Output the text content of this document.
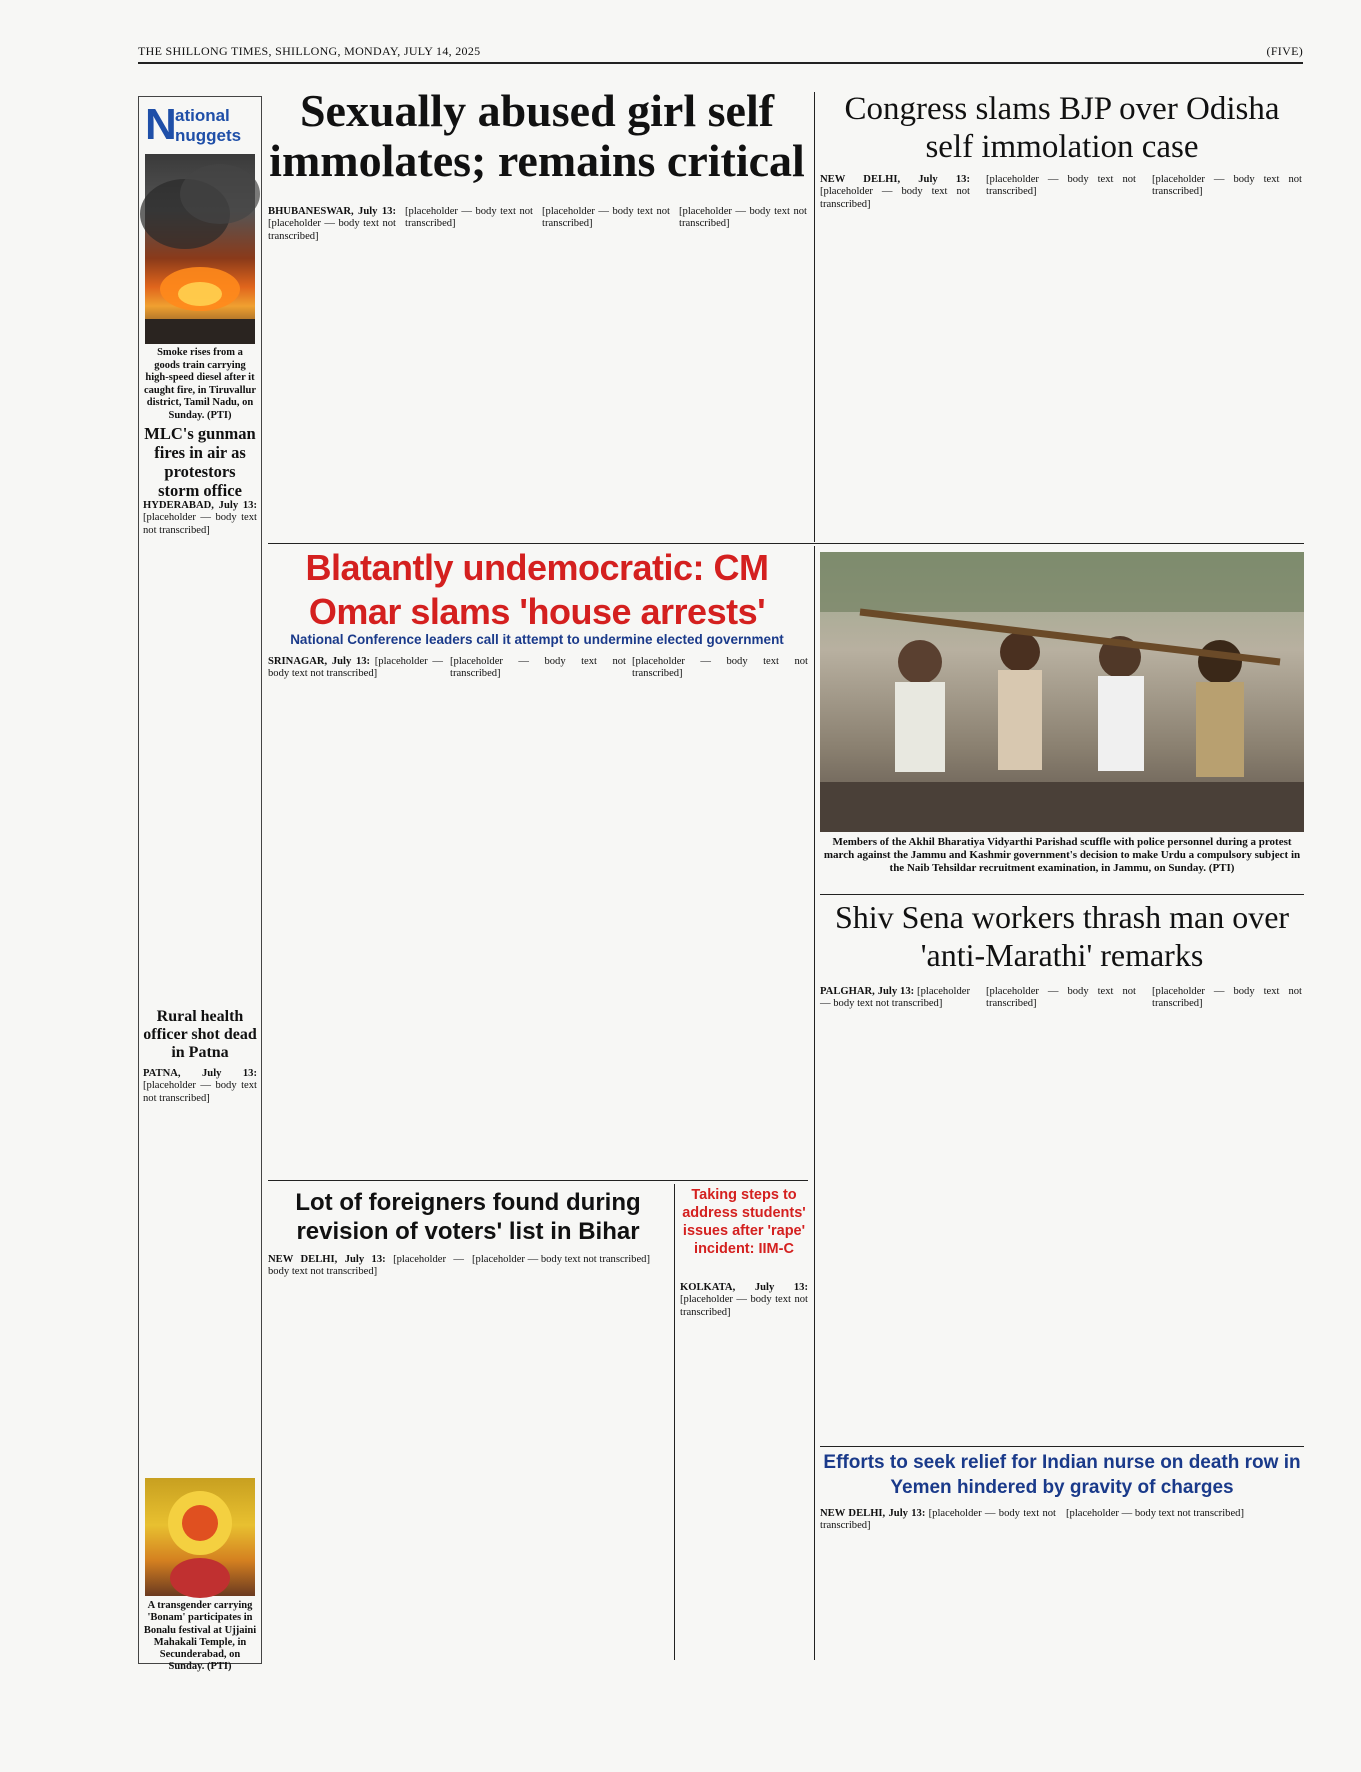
THE SHILLONG TIMES, SHILLONG, MONDAY, JULY 14, 2025	(FIVE)
N
ational
nuggets
Smoke rises from a goods train carrying high-speed diesel after it caught fire, in Tiruvallur district, Tamil Nadu, on Sunday. (PTI)
MLC's gunman fires in air as protestors storm office

HYDERABAD, July 13: [placeholder — body text not transcribed]

Rural health officer shot dead in Patna

PATNA, July 13: [placeholder — body text not transcribed]

A transgender carrying 'Bonam' participates in Bonalu festival at Ujjaini Mahakali Temple, in Secunderabad, on Sunday. (PTI)
Sexually abused girl self immolates; remains critical

BHUBANESWAR, July 13: [placeholder — body text not transcribed]

[placeholder — body text not transcribed]
[placeholder — body text not transcribed]
[placeholder — body text not transcribed]
Congress slams BJP over Odisha self immolation case

NEW DELHI, July 13: [placeholder — body text not transcribed]

[placeholder — body text not transcribed]
[placeholder — body text not transcribed]
Blatantly undemocratic: CM
Omar slams 'house arrests'
National Conference leaders call it attempt to undermine elected government

SRINAGAR, July 13: [placeholder — body text not transcribed]

[placeholder — body text not transcribed]
[placeholder — body text not transcribed]
Members of the Akhil Bharatiya Vidyarthi Parishad scuffle with police personnel during a protest march against the Jammu and Kashmir government's decision to make Urdu a compulsory subject in the Naib Tehsildar recruitment examination, in Jammu, on Sunday. (PTI)
Shiv Sena workers thrash man over 'anti-Marathi' remarks

PALGHAR, July 13: [placeholder — body text not transcribed]

[placeholder — body text not transcribed]
[placeholder — body text not transcribed]
Efforts to seek relief for Indian nurse on death row in Yemen hindered by gravity of charges

NEW DELHI, July 13: [placeholder — body text not transcribed]

[placeholder — body text not transcribed]
Lot of foreigners found during revision of voters' list in Bihar

NEW DELHI, July 13: [placeholder — body text not transcribed]

[placeholder — body text not transcribed]
Taking steps to address students' issues after 'rape' incident: IIM-C

KOLKATA, July 13: [placeholder — body text not transcribed]
